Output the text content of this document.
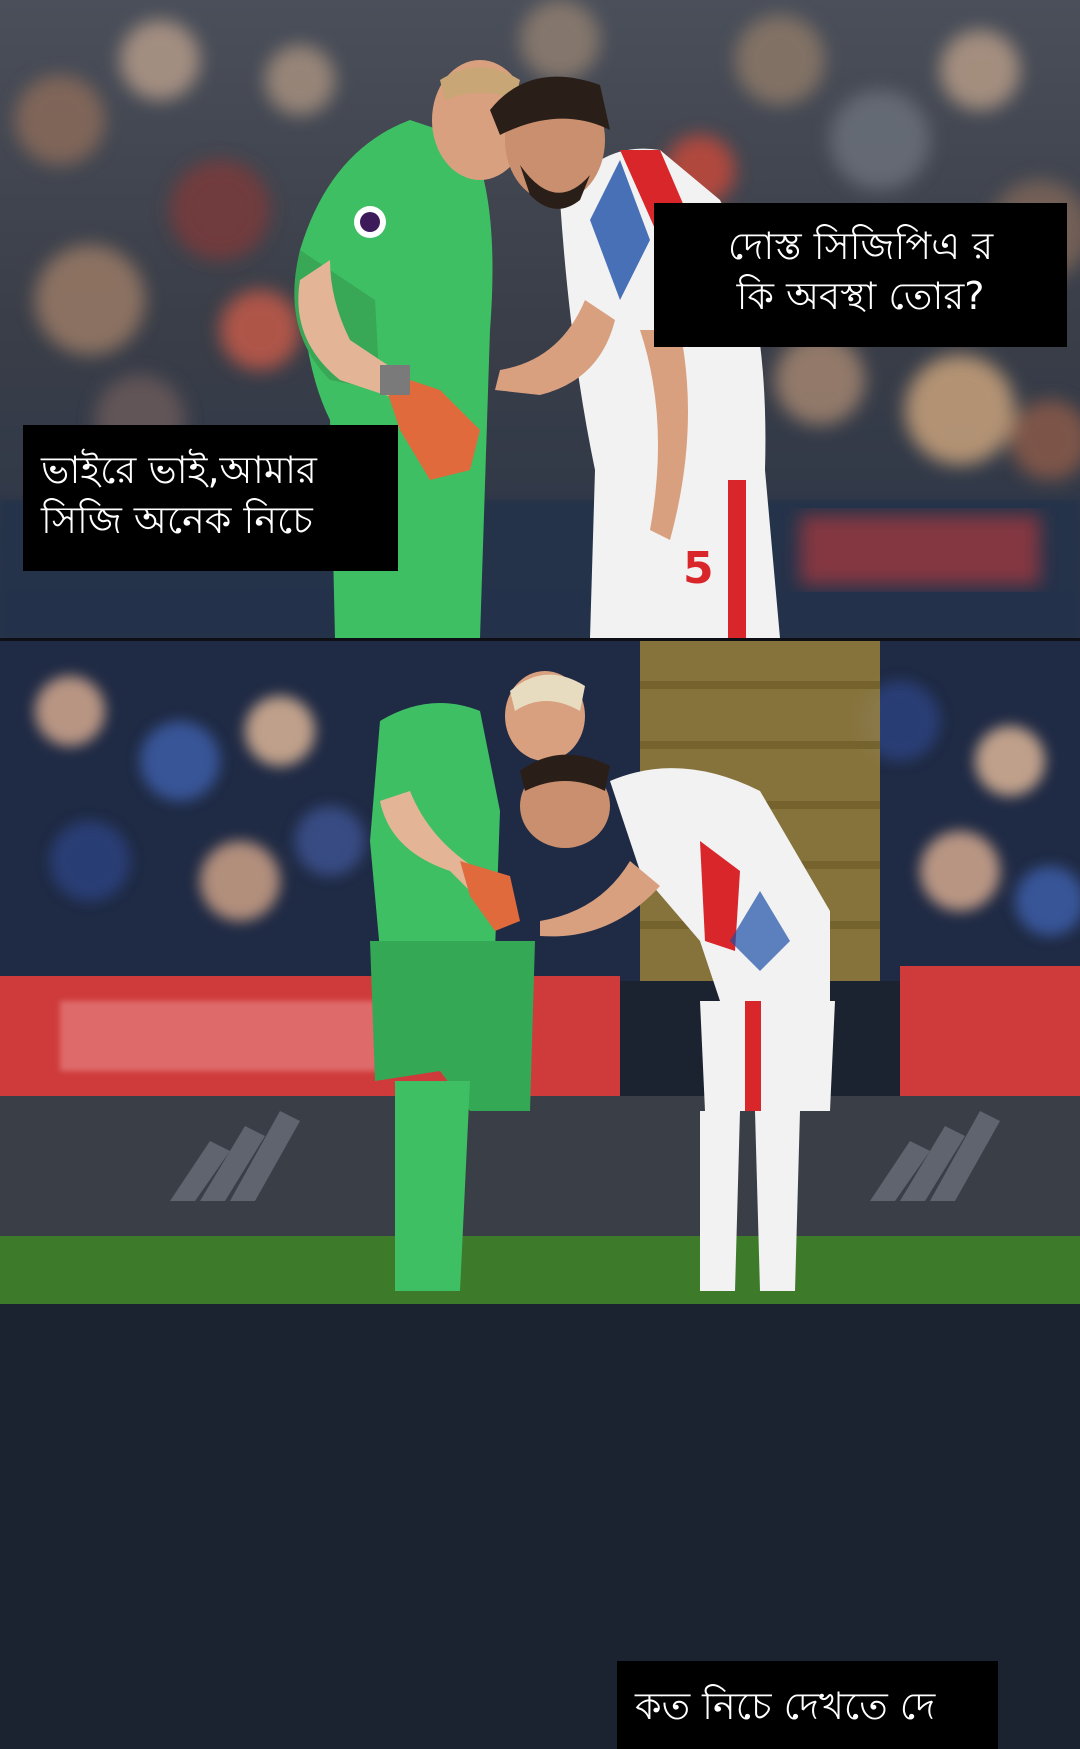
5
দোস্ত সিজিপিএ র
কি অবস্থা তোর?
ভাইরে ভাই,আমার
সিজি অনেক নিচে
কত নিচে দেখতে দে
